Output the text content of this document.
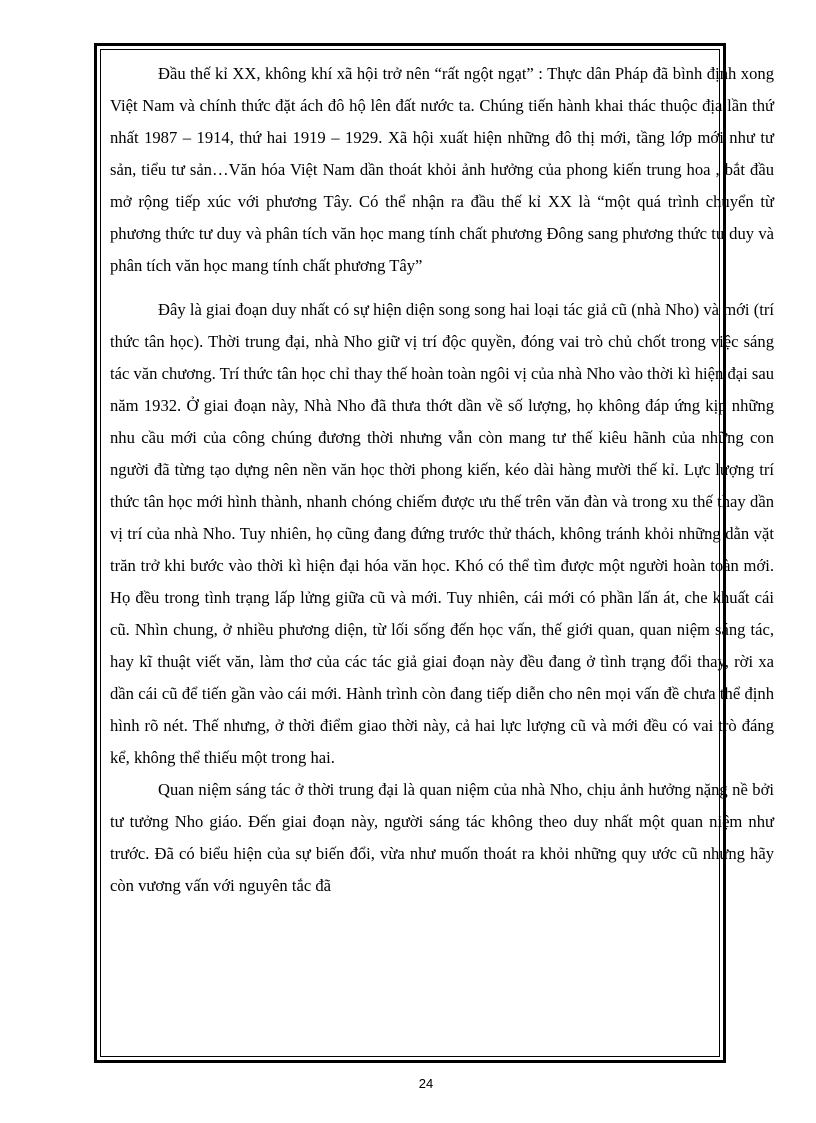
Đầu thế kỉ XX, không khí xã hội trở nên “rất ngột ngạt” : Thực dân Pháp đã bình định xong Việt Nam và chính thức đặt ách đô hộ lên đất nước ta. Chúng tiến hành khai thác thuộc địa lần thứ nhất 1987 – 1914, thứ hai 1919 – 1929. Xã hội xuất hiện những đô thị mới, tầng lớp mới như tư sản, tiểu tư sản…Văn hóa Việt Nam dần thoát khỏi ảnh hưởng của phong kiến trung hoa , bắt đầu mở rộng tiếp xúc với phương Tây. Có thể nhận ra đầu thế kỉ XX là “một quá trình chuyển từ phương thức tư duy và phân tích văn học mang tính chất phương Đông sang phương thức tư duy và phân tích văn học mang tính chất phương Tây”

Đây là giai đoạn duy nhất có sự hiện diện song song hai loại tác giả cũ (nhà Nho) và mới (trí thức tân học). Thời trung đại, nhà Nho giữ vị trí độc quyền, đóng vai trò chủ chốt trong việc sáng tác văn chương. Trí thức tân học chỉ thay thế hoàn toàn ngôi vị của nhà Nho vào thời kì hiện đại sau năm 1932. Ở giai đoạn này, Nhà Nho đã thưa thớt dần về số lượng, họ không đáp ứng kịp những nhu cầu mới của công chúng đương thời nhưng vẫn còn mang tư thế kiêu hãnh của những con người đã từng tạo dựng nên nền văn học thời phong kiến, kéo dài hàng mười thế kỉ. Lực lượng trí thức tân học mới hình thành, nhanh chóng chiếm được ưu thế trên văn đàn và trong xu thế thay dần vị trí của nhà Nho. Tuy nhiên, họ cũng đang đứng trước thử thách, không tránh khỏi những dằn vặt trăn trở khi bước vào thời kì hiện đại hóa văn học. Khó có thể tìm được một người hoàn toàn mới. Họ đều trong tình trạng lấp lửng giữa cũ và mới. Tuy nhiên, cái mới có phần lấn át, che khuất cái cũ. Nhìn chung, ở nhiều phương diện, từ lối sống đến học vấn, thế giới quan, quan niệm sáng tác, hay kĩ thuật viết văn, làm thơ của các tác giả giai đoạn này đều đang ở tình trạng đổi thay, rời xa dần cái cũ để tiến gần vào cái mới. Hành trình còn đang tiếp diễn cho nên mọi vấn đề chưa thể định hình rõ nét. Thế nhưng, ở thời điểm giao thời này, cả hai lực lượng cũ và mới đều có vai trò đáng kể, không thể thiếu một trong hai.

Quan niệm sáng tác ở thời trung đại là quan niệm của nhà Nho, chịu ảnh hưởng nặng nề bởi tư tưởng Nho giáo. Đến giai đoạn này, người sáng tác không theo duy nhất một quan niệm như trước. Đã có biểu hiện của sự biến đổi, vừa như muốn thoát ra khỏi những quy ước cũ nhưng hãy còn vương vấn với nguyên tắc đã

24
